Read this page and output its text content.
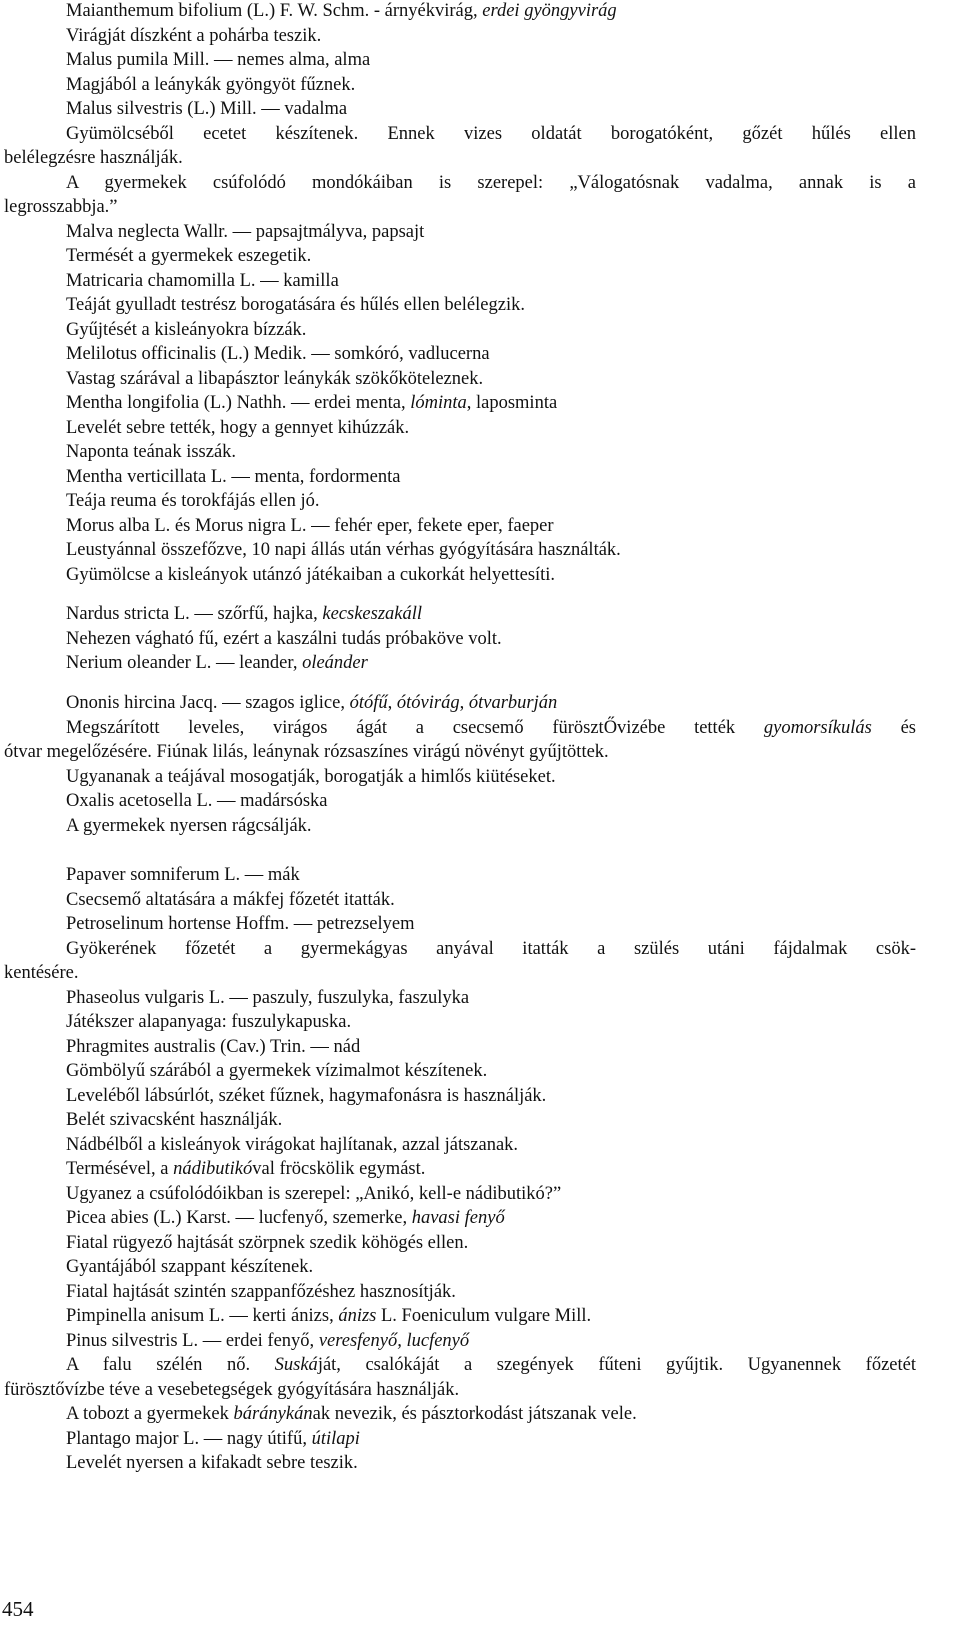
Maianthemum bifolium (L.) F. W. Schm. - árnyékvirág, erdei gyöngyvirág
Virágját díszként a pohárba teszik.
Malus pumila Mill. — nemes alma, alma
Magjából a leánykák gyöngyöt fűznek.
Malus silvestris (L.) Mill. — vadalma
Gyümölcséből ecetet készítenek. Ennek vizes oldatát borogatóként, gőzét hűlés ellen
belélegzésre használják.
A gyermekek csúfolódó mondókáiban is szerepel: „Válogatósnak vadalma, annak is a
legrosszabbja.”
Malva neglecta Wallr. — papsajtmályva, papsajt
Termését a gyermekek eszegetik.
Matricaria chamomilla L. — kamilla
Teáját gyulladt testrész borogatására és hűlés ellen belélegzik.
Gyűjtését a kisleányokra bízzák.
Melilotus officinalis (L.) Medik. — somkóró, vadlucerna
Vastag szárával a libapásztor leánykák szökőköteleznek.
Mentha longifolia (L.) Nathh. — erdei menta, lóminta, laposminta
Levelét sebre tették, hogy a gennyet kihúzzák.
Naponta teának isszák.
Mentha verticillata L. — menta, fordormenta
Teája reuma és torokfájás ellen jó.
Morus alba L. és Morus nigra L. — fehér eper, fekete eper, faeper
Leustyánnal összefőzve, 10 napi állás után vérhas gyógyítására használták.
Gyümölcse a kisleányok utánzó játékaiban a cukorkát helyettesíti.
Nardus stricta L. — szőrfű, hajka, kecskeszakáll
Nehezen vágható fű, ezért a kaszálni tudás próbaköve volt.
Nerium oleander L. — leander, oleánder
Ononis hircina Jacq. — szagos iglice, ótófű, ótóvirág, ótvarburján
Megszárított leveles, virágos ágát a csecsemő fürösztŐvizébe tették gyomorsíkulás és
ótvar megelőzésére. Fiúnak lilás, leánynak rózsaszínes virágú növényt gyűjtöttek.
Ugyananak a teájával mosogatják, borogatják a himlős kiütéseket.
Oxalis acetosella L. — madársóska
A gyermekek nyersen rágcsálják.
Papaver somniferum L. — mák
Csecsemő altatására a mákfej főzetét itatták.
Petroselinum hortense Hoffm. — petrezselyem
Gyökerének főzetét a gyermekágyas anyával itatták a szülés utáni fájdalmak csök-
kentésére.
Phaseolus vulgaris L. — paszuly, fuszulyka, faszulyka
Játékszer alapanyaga: fuszulykapuska.
Phragmites australis (Cav.) Trin. — nád
Gömbölyű szárából a gyermekek vízimalmot készítenek.
Leveléből lábsúrlót, széket fűznek, hagymafonásra is használják.
Belét szivacsként használják.
Nádbélből a kisleányok virágokat hajlítanak, azzal játszanak.
Termésével, a nádibutikóval fröcskölik egymást.
Ugyanez a csúfolódóikban is szerepel: „Anikó, kell-e nádibutikó?”
Picea abies (L.) Karst. — lucfenyő, szemerke, havasi fenyő
Fiatal rügyező hajtását szörpnek szedik köhögés ellen.
Gyantájából szappant készítenek.
Fiatal hajtását szintén szappanfőzéshez hasznosítják.
Pimpinella anisum L. — kerti ánizs, ánizs L. Foeniculum vulgare Mill.
Pinus silvestris L. — erdei fenyő, veresfenyő, lucfenyő
A falu szélén nő. Suskáját, csalókáját a szegények fűteni gyűjtik. Ugyanennek főzetét
fürösztővízbe téve a vesebetegségek gyógyítására használják.
A tobozt a gyermekek báránykának nevezik, és pásztorkodást játszanak vele.
Plantago major L. — nagy útifű, útilapi
Levelét nyersen a kifakadt sebre teszik.
454
